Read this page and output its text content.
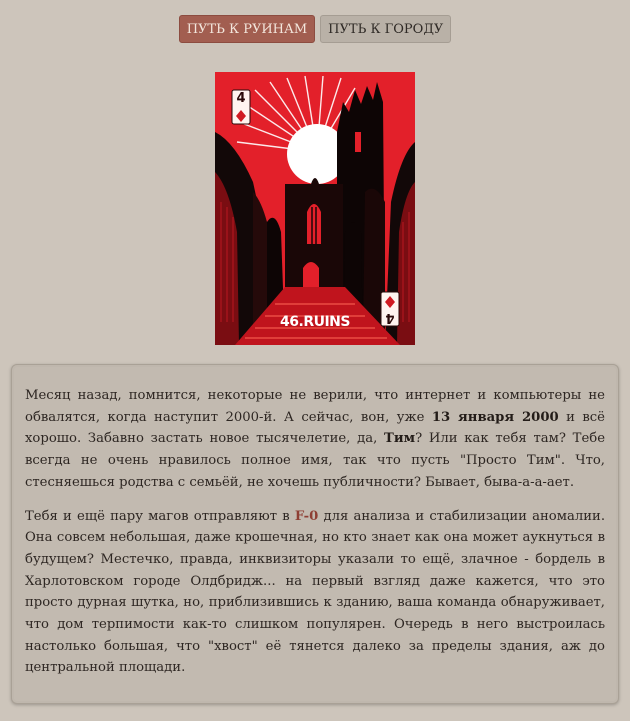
ПУТЬ К РУИНАМ	ПУТЬ К ГОРОДУ
4
4
46.RUINS

Месяц назад, помнится, некоторые не верили, что интернет и компьютеры не обвалятся, когда наступит 2000-й. А сейчас, вон, уже 13 января 2000 и всё хорошо. Забавно застать новое тысячелетие, да, Тим? Или как тебя там? Тебе всегда не очень нравилось полное имя, так что пусть "Просто Тим". Что, стесняешься родства с семьёй, не хочешь публичности? Бывает, быва-а-а-ает.

Тебя и ещё пару магов отправляют в F-0 для анализа и стабилизации аномалии. Она совсем небольшая, даже крошечная, но кто знает как она может аукнуться в будущем? Местечко, правда, инквизиторы указали то ещё, злачное - бордель в Харлотовском городе Олдбридж... на первый взгляд даже кажется, что это просто дурная шутка, но, приблизившись к зданию, ваша команда обнаруживает, что дом терпимости как-то слишком популярен. Очередь в него выстроилась настолько большая, что "хвост" её тянется далеко за пределы здания, аж до центральной площади.
